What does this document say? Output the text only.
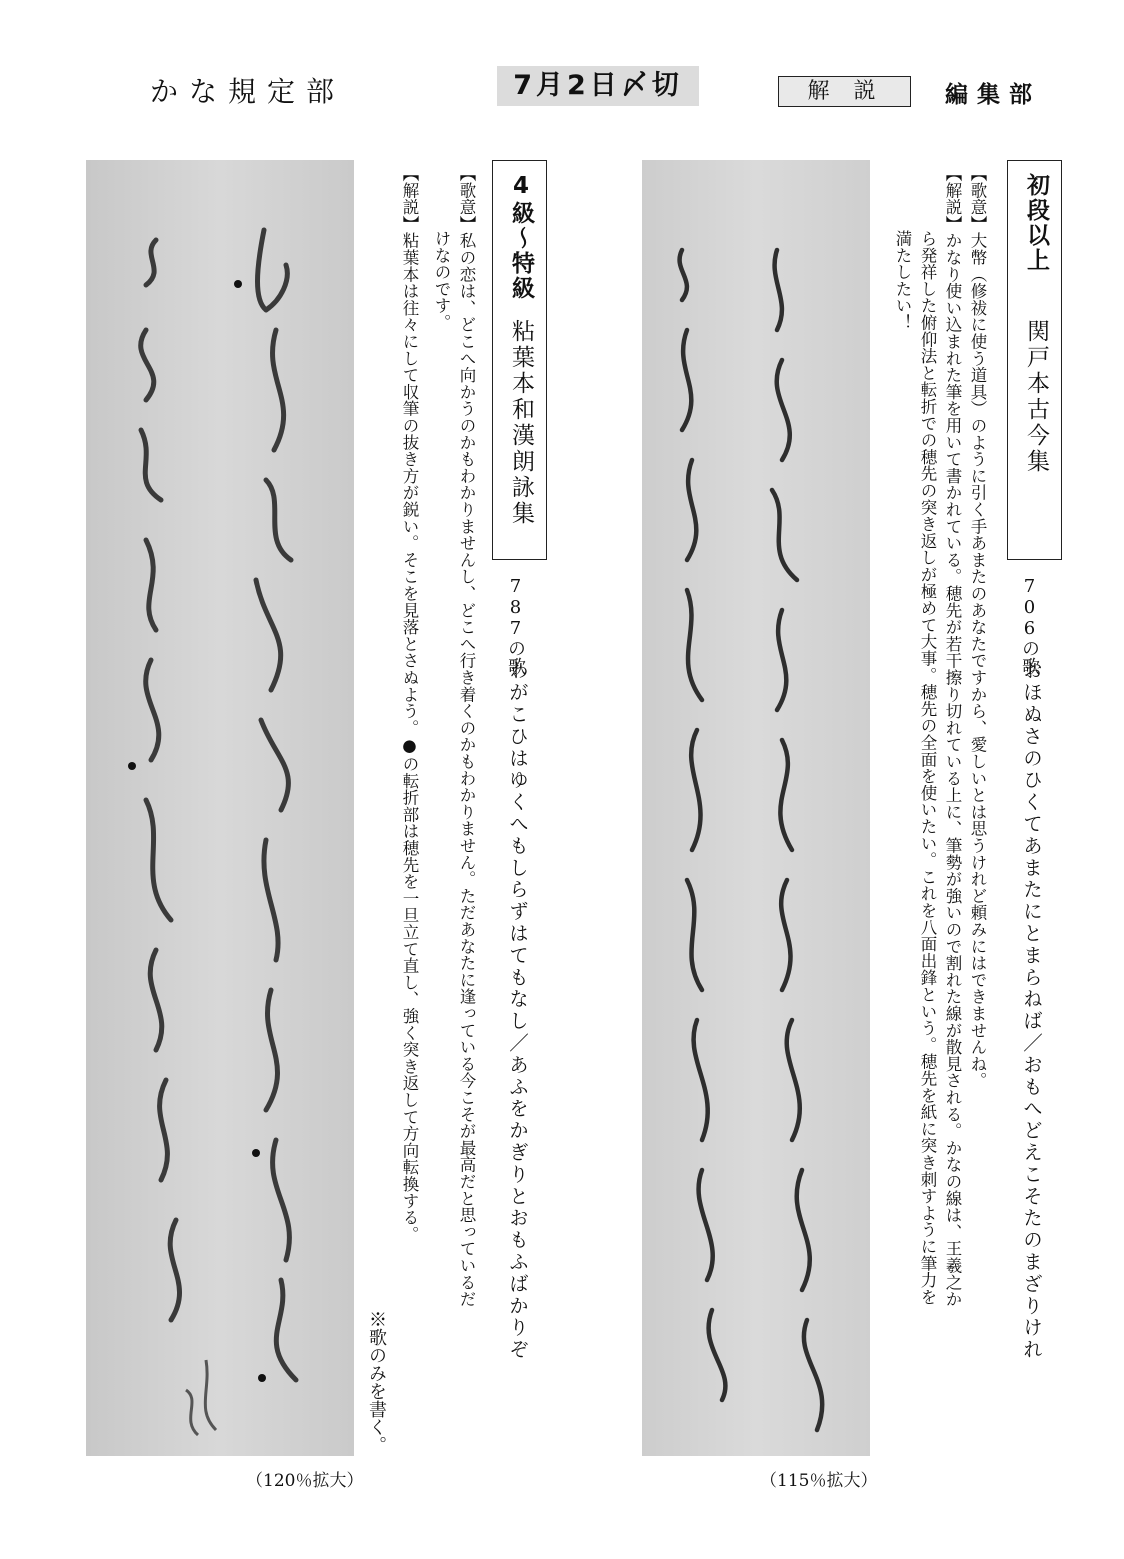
かな規定部	7月2日〆切	解説	編集部
（120％拡大）	（115％拡大）
初段以上
関戸本古今集
706の歌
おほぬさのひくてあまたにとまらねば／おもへどえこそたのまざりけれ
【歌意】大幣（修祓に使う道具）のように引く手あまたのあなたですから、愛しいとは思うけれど頼みにはできませんね。
【解説】かなり使い込まれた筆を用いて書かれている。穂先が若干擦り切れている上に、筆勢が強いので割れた線が散見される。かなの線は、王羲之か
ら発祥した俯仰法と転折での穂先の突き返しが極めて大事。穂先の全面を使いたい。これを八面出鋒という。穂先を紙に突き刺すように筆力を
満たしたい！
4級〜特級
粘葉本和漢朗詠集
787の歌
わがこひはゆくへもしらずはてもなし／あふをかぎりとおもふばかりぞ
【歌意】私の恋は、どこへ向かうのかもわかりませんし、どこへ行き着くのかもわかりません。ただあなたに逢っている今こそが最高だと思っているだ
けなのです。
【解説】粘葉本は往々にして収筆の抜き方が鋭い。そこを見落とさぬよう。●の転折部は穂先を一旦立て直し、強く突き返して方向転換する。
※歌のみを書く。
